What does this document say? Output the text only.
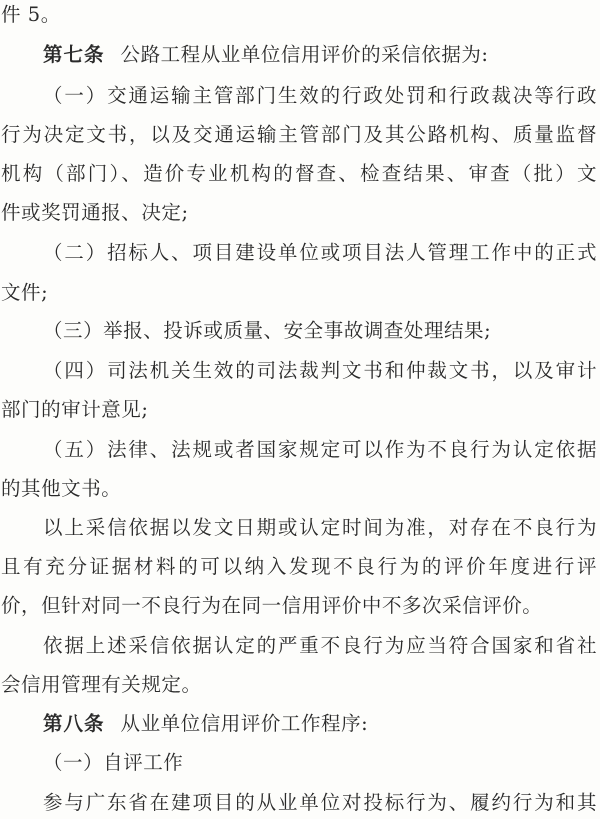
件 5。
第七条 公路工程从业单位信用评价的采信依据为:
（一）交通运输主管部门生效的行政处罚和行政裁决等行政
行为决定文书，以及交通运输主管部门及其公路机构、质量监督
机构（部门）、造价专业机构的督查、检查结果、审查（批）文
件或奖罚通报、决定;
（二）招标人、项目建设单位或项目法人管理工作中的正式
文件;
（三）举报、投诉或质量、安全事故调查处理结果;
（四）司法机关生效的司法裁判文书和仲裁文书，以及审计
部门的审计意见;
（五）法律、法规或者国家规定可以作为不良行为认定依据
的其他文书。
以上采信依据以发文日期或认定时间为准，对存在不良行为
且有充分证据材料的可以纳入发现不良行为的评价年度进行评
价，但针对同一不良行为在同一信用评价中不多次采信评价。
依据上述采信依据认定的严重不良行为应当符合国家和省社
会信用管理有关规定。
第八条 从业单位信用评价工作程序:
（一）自评工作
参与广东省在建项目的从业单位对投标行为、履约行为和其
